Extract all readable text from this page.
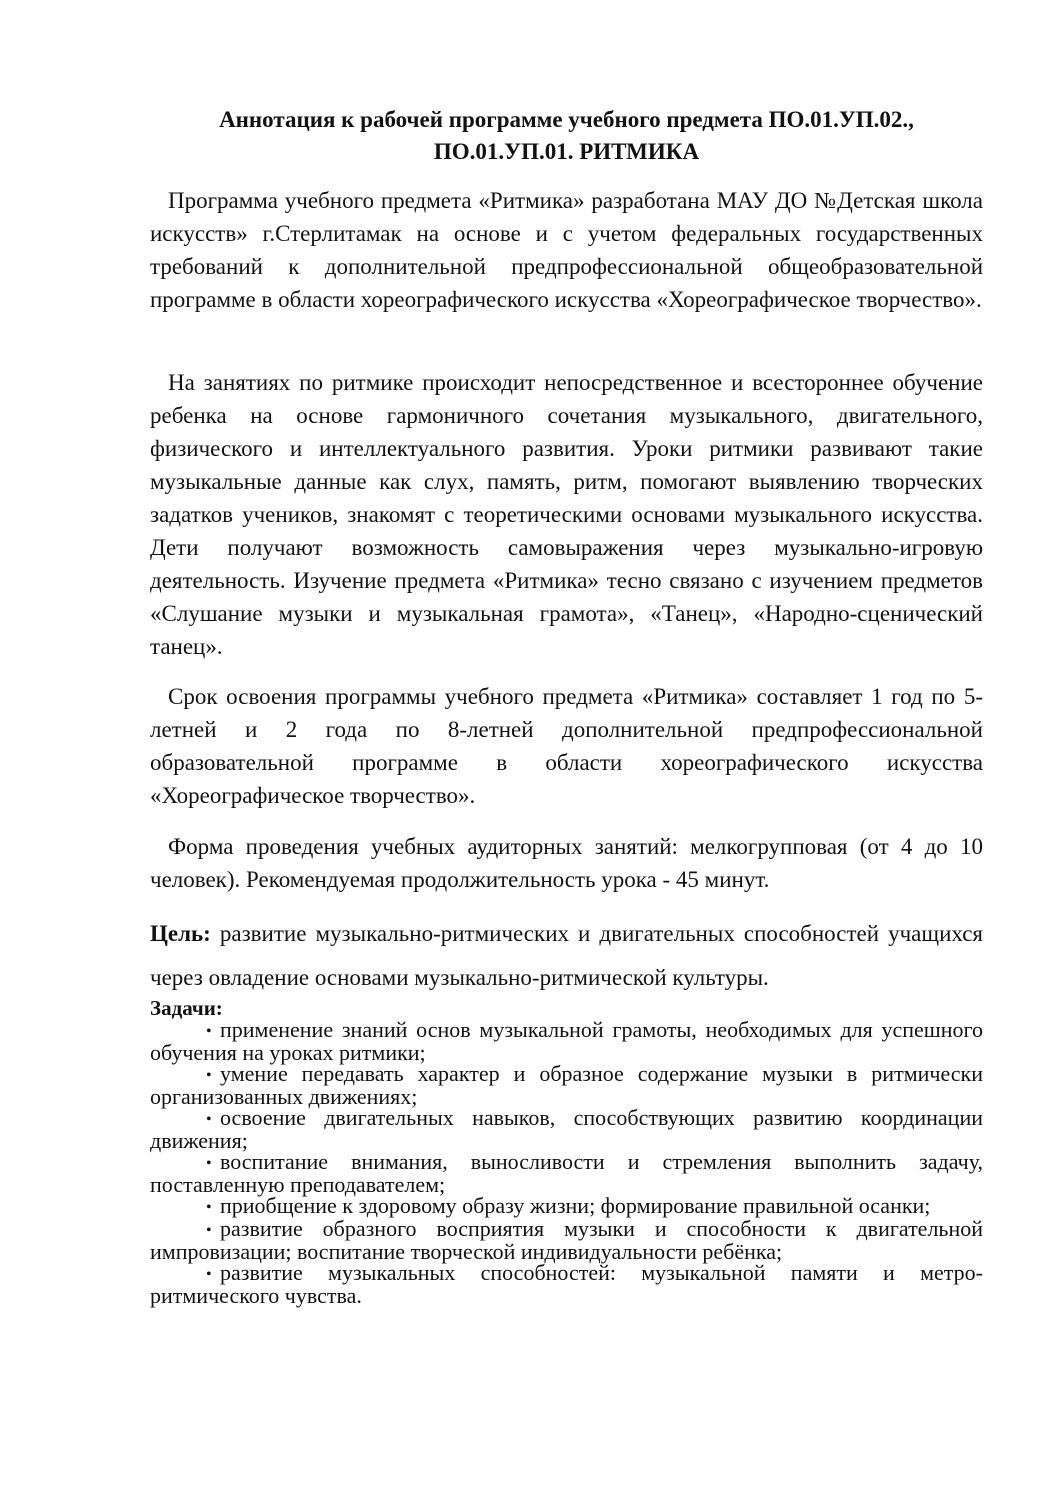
Аннотация к рабочей программе учебного предмета ПО.01.УП.02.,
ПО.01.УП.01. РИТМИКА

Программа учебного предмета «Ритмика» разработана МАУ ДО №Детская школа искусств» г.Стерлитамак на основе и с учетом федеральных государственных требований к дополнительной предпрофессиональной общеобразовательной программе в области хореографического искусства «Хореографическое творчество».

На занятиях по ритмике происходит непосредственное и всестороннее обучение ребенка на основе гармоничного сочетания музыкального, двигательного, физического и интеллектуального развития. Уроки ритмики развивают такие музыкальные данные как слух, память, ритм, помогают выявлению творческих задатков учеников, знакомят с теоретическими основами музыкального искусства. Дети получают возможность самовыражения через музыкально-игровую деятельность. Изучение предмета «Ритмика» тесно связано с изучением предметов «Слушание музыки и музыкальная грамота», «Танец», «Народно-сценический танец».

Срок освоения программы учебного предмета «Ритмика» составляет 1 год по 5- летней и 2 года по 8-летней дополнительной предпрофессиональной образовательной программе в области хореографического искусства «Хореографическое творчество».

Форма проведения учебных аудиторных занятий: мелкогрупповая (от 4 до 10 человек). Рекомендуемая продолжительность урока - 45 минут.

Цель: развитие музыкально-ритмических и двигательных способностей учащихся через овладение основами музыкально-ритмической культуры.

Задачи:
• применение знаний основ музыкальной грамоты, необходимых для успешного обучения на уроках ритмики;
• умение передавать характер и образное содержание музыки в ритмически организованных движениях;
• освоение двигательных навыков, способствующих развитию координации движения;
• воспитание внимания, выносливости и стремления выполнить задачу, поставленную преподавателем;
• приобщение к здоровому образу жизни; формирование правильной осанки;
• развитие образного восприятия музыки и способности к двигательной импровизации; воспитание творческой индивидуальности ребёнка;
• развитие музыкальных способностей: музыкальной памяти и метро-ритмического чувства.
